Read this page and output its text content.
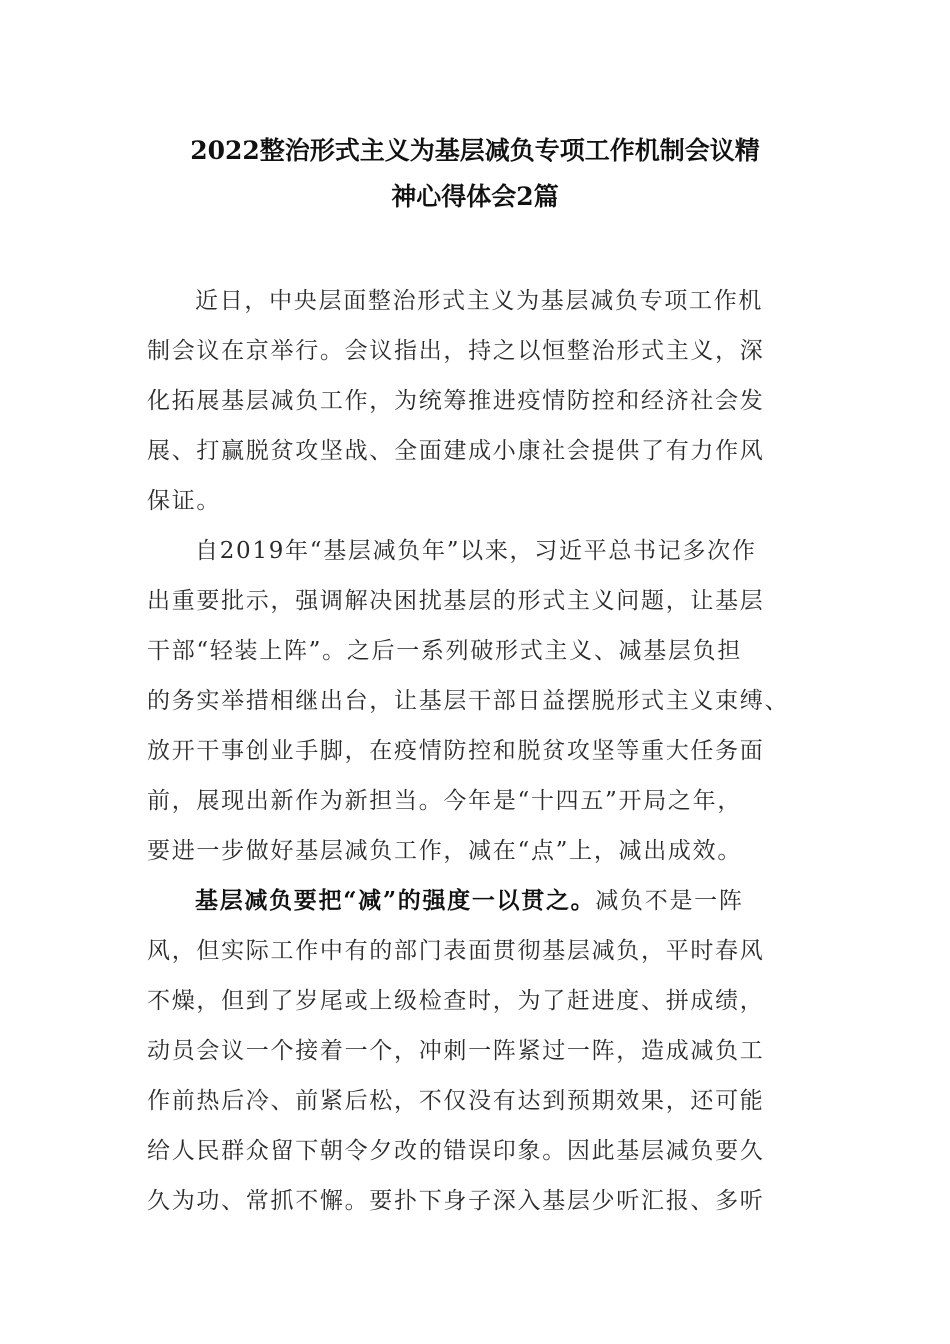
2022整治形式主义为基层减负专项工作机制会议精
神心得体会2篇
近日，中央层面整治形式主义为基层减负专项工作机
制会议在京举行。会议指出，持之以恒整治形式主义，深
化拓展基层减负工作，为统筹推进疫情防控和经济社会发
展、打赢脱贫攻坚战、全面建成小康社会提供了有力作风
保证。
自2019年“基层减负年”以来，习近平总书记多次作
出重要批示，强调解决困扰基层的形式主义问题，让基层
干部“轻装上阵”。之后一系列破形式主义、减基层负担
的务实举措相继出台，让基层干部日益摆脱形式主义束缚、
放开干事创业手脚，在疫情防控和脱贫攻坚等重大任务面
前，展现出新作为新担当。今年是“十四五”开局之年，
要进一步做好基层减负工作，减在“点”上，减出成效。
基层减负要把“减”的强度一以贯之。减负不是一阵
风，但实际工作中有的部门表面贯彻基层减负，平时春风
不燥，但到了岁尾或上级检查时，为了赶进度、拼成绩，
动员会议一个接着一个，冲刺一阵紧过一阵，造成减负工
作前热后冷、前紧后松，不仅没有达到预期效果，还可能
给人民群众留下朝令夕改的错误印象。因此基层减负要久
久为功、常抓不懈。要扑下身子深入基层少听汇报、多听
